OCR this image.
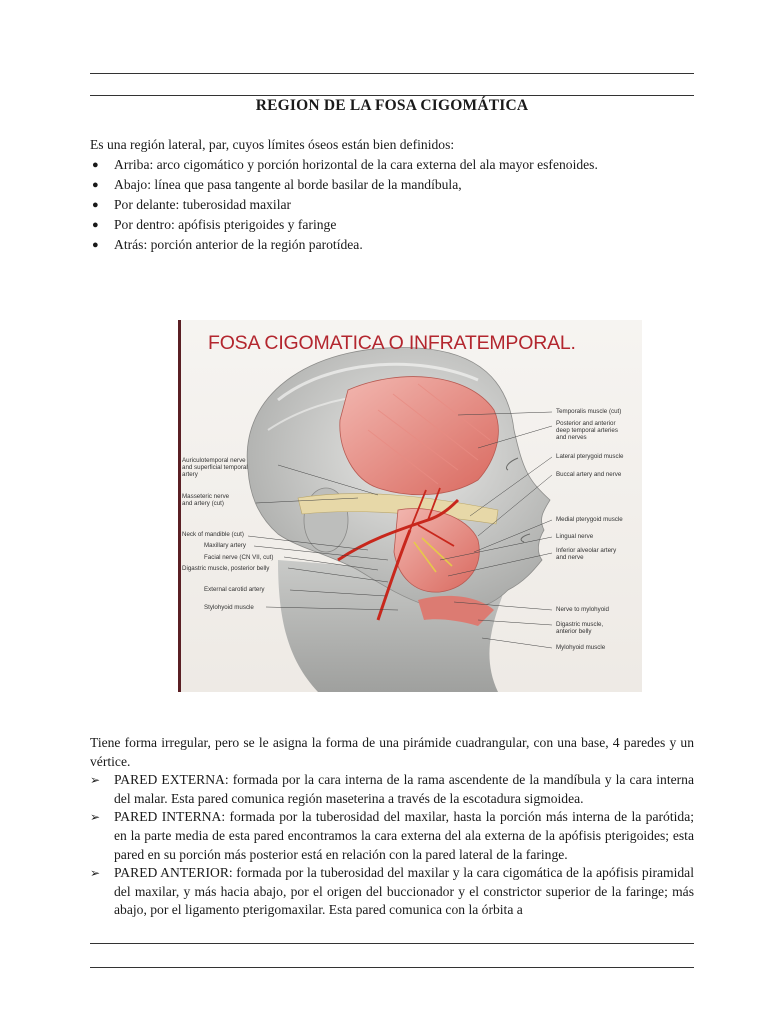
REGION DE LA FOSA CIGOMÁTICA

Es una región lateral, par, cuyos límites óseos están bien definidos:

● Arriba: arco cigomático y porción horizontal de la cara externa del ala mayor esfenoides.
● Abajo: línea que pasa tangente al borde basilar de la mandíbula,
● Por delante: tuberosidad maxilar
● Por dentro: apófisis pterigoides y faringe
● Atrás: porción anterior de la región parotídea.
FOSA CIGOMATICA O INFRATEMPORAL.
Auriculotemporal nerve
and superficial temporal
artery
Masseteric nerve
and artery (cut)
Neck of mandible (cut)
Maxillary artery
Facial nerve (CN VII, cut)
Digastric muscle, posterior belly
External carotid artery
Stylohyoid muscle
Temporalis muscle (cut)
Posterior and anterior
deep temporal arteries
and nerves
Lateral pterygoid muscle
Buccal artery and nerve
Medial pterygoid muscle
Lingual nerve
Inferior alveolar artery
and nerve
Nerve to mylohyoid
Digastric muscle,
anterior belly
Mylohyoid muscle

Tiene forma irregular, pero se le asigna la forma de una pirámide cuadrangular, con una base, 4 paredes y un vértice.

➢ PARED EXTERNA: formada por la cara interna de la rama ascendente de la mandíbula y la cara interna del malar. Esta pared comunica región maseterina a través de la escotadura sigmoidea.
➢ PARED INTERNA: formada por la tuberosidad del maxilar, hasta la porción más interna de la parótida; en la parte media de esta pared encontramos la cara externa del ala externa de la apófisis pterigoides; esta pared en su porción más posterior está en relación con la pared lateral de la faringe.
➢ PARED ANTERIOR: formada por la tuberosidad del maxilar y la cara cigomática de la apófisis piramidal del maxilar, y más hacia abajo, por el origen del buccionador y el constrictor superior de la faringe; más abajo, por el ligamento pterigomaxilar. Esta pared comunica con la órbita a
